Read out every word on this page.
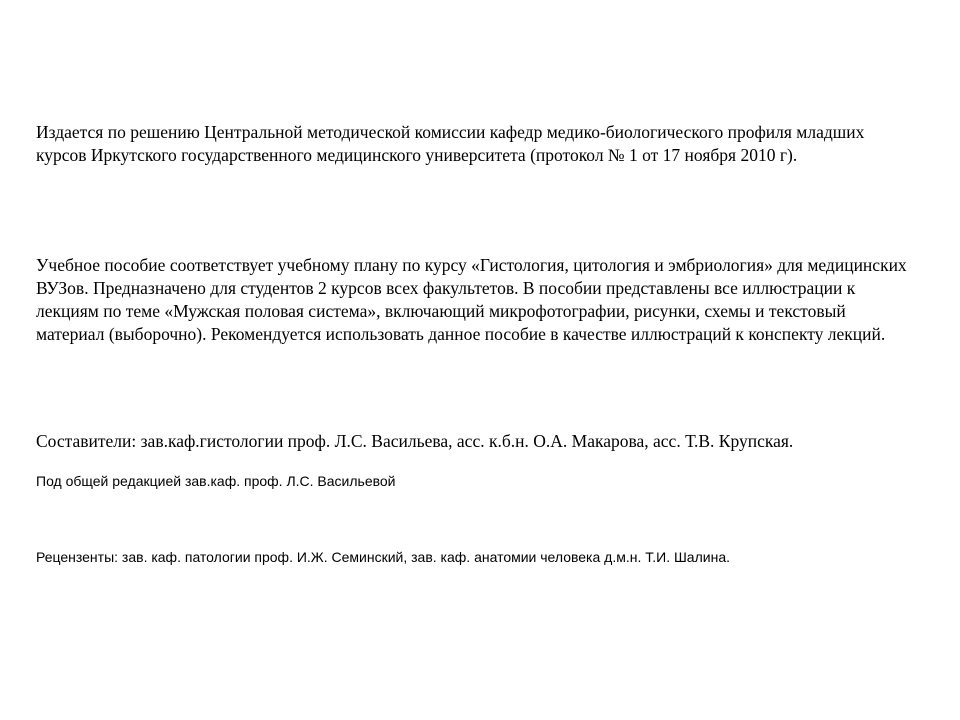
Издается по решению Центральной методической комиссии кафедр медико-биологического профиля младших курсов Иркутского государственного медицинского университета (протокол № 1 от 17 ноября 2010 г).

Учебное пособие соответствует учебному плану по курсу «Гистология, цитология и эмбриология» для медицинских ВУЗов. Предназначено для студентов 2 курсов всех факультетов. В пособии представлены все иллюстрации к лекциям по теме «Мужская половая система», включающий микрофотографии, рисунки, схемы и текстовый материал (выборочно). Рекомендуется использовать данное пособие в качестве иллюстраций к конспекту лекций.

Составители: зав.каф.гистологии проф. Л.С. Васильева, асс. к.б.н. О.А. Макарова, асс. Т.В. Крупская.

Под общей редакцией зав.каф. проф. Л.С. Васильевой

Рецензенты: зав. каф. патологии проф. И.Ж. Семинский, зав. каф. анатомии человека д.м.н. Т.И. Шалина.
